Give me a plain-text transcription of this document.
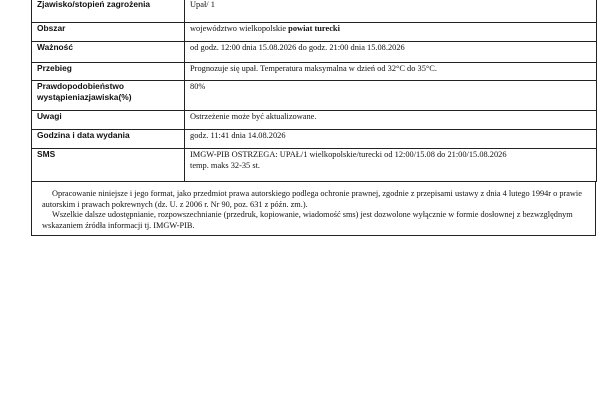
Zjawisko/stopień zagrożenia	Upał/ 1
Obszar	województwo wielkopolskie powiat turecki
Ważność	od godz. 12:00 dnia 15.08.2026 do godz. 21:00 dnia 15.08.2026
Przebieg	Prognozuje się upał. Temperatura maksymalna w dzień od 32°C do 35°C.

Prawdopodobieństwo
wystąpieniazjawiska(%)	80%
Uwagi	Ostrzeżenie może być aktualizowane.
Godzina i data wydania	godz. 11:41 dnia 14.08.2026
SMS	IMGW-PIB OSTRZEGA: UPAŁ/1 wielkopolskie/turecki od 12:00/15.08 do 21:00/15.08.2026
temp. maks 32-35 st.

Opracowanie niniejsze i jego format, jako przedmiot prawa autorskiego podlega ochronie prawnej, zgodnie z przepisami ustawy z dnia 4 lutego 1994r o prawie autorskim i prawach pokrewnych (dz. U. z 2006 r. Nr 90, poz. 631 z późn. zm.).

Wszelkie dalsze udostępnianie, rozpowszechnianie (przedruk, kopiowanie, wiadomość sms) jest dozwolone wyłącznie w formie dosłownej z bezwzględnym wskazaniem źródła informacji tj. IMGW-PIB.
